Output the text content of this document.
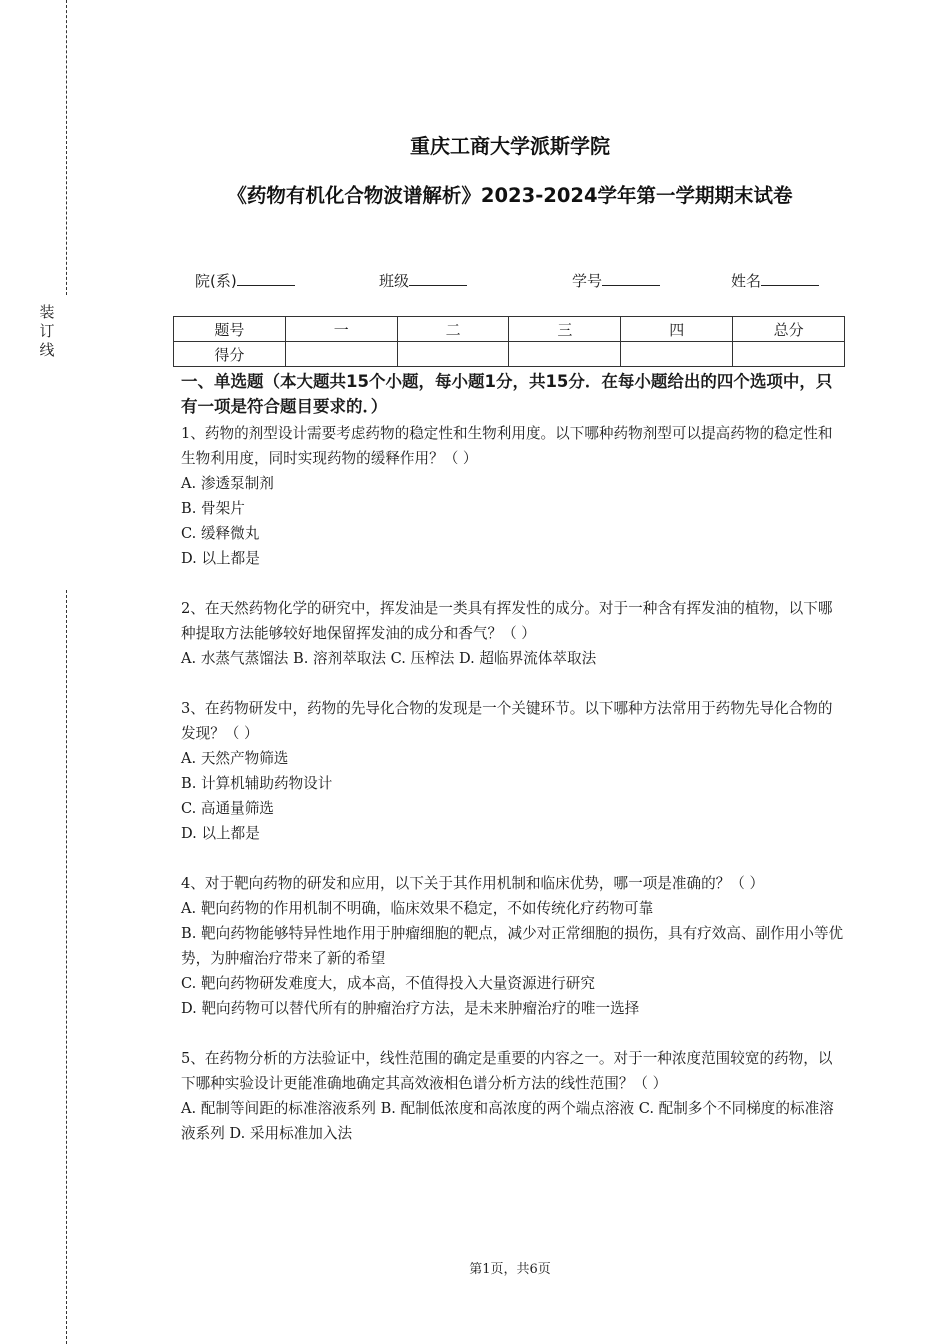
装
订
线
重庆工商大学派斯学院
《药物有机化合物波谱解析》2023-2024学年第一学期期末试卷
院(系)	班级	学号	姓名
题号	一	二	三	四	总分
得分					
一、单选题（本大题共15个小题，每小题1分，共15分．在每小题给出的四个选项中，只有一项是符合题目要求的．）

1、药物的剂型设计需要考虑药物的稳定性和生物利用度。以下哪种药物剂型可以提高药物的稳定性和生物利用度，同时实现药物的缓释作用？（ ）

A. 渗透泵制剂

B. 骨架片

C. 缓释微丸

D. 以上都是

2、在天然药物化学的研究中，挥发油是一类具有挥发性的成分。对于一种含有挥发油的植物，以下哪种提取方法能够较好地保留挥发油的成分和香气？（ ）

A. 水蒸气蒸馏法 B. 溶剂萃取法 C. 压榨法 D. 超临界流体萃取法

3、在药物研发中，药物的先导化合物的发现是一个关键环节。以下哪种方法常用于药物先导化合物的发现？（ ）

A. 天然产物筛选

B. 计算机辅助药物设计

C. 高通量筛选

D. 以上都是

4、对于靶向药物的研发和应用，以下关于其作用机制和临床优势，哪一项是准确的？（ ）

A. 靶向药物的作用机制不明确，临床效果不稳定，不如传统化疗药物可靠

B. 靶向药物能够特异性地作用于肿瘤细胞的靶点，减少对正常细胞的损伤，具有疗效高、副作用小等优势，为肿瘤治疗带来了新的希望

C. 靶向药物研发难度大，成本高，不值得投入大量资源进行研究

D. 靶向药物可以替代所有的肿瘤治疗方法，是未来肿瘤治疗的唯一选择

5、在药物分析的方法验证中，线性范围的确定是重要的内容之一。对于一种浓度范围较宽的药物，以下哪种实验设计更能准确地确定其高效液相色谱分析方法的线性范围？（ ）

A. 配制等间距的标准溶液系列 B. 配制低浓度和高浓度的两个端点溶液 C. 配制多个不同梯度的标准溶液系列 D. 采用标准加入法

第1页，共6页
